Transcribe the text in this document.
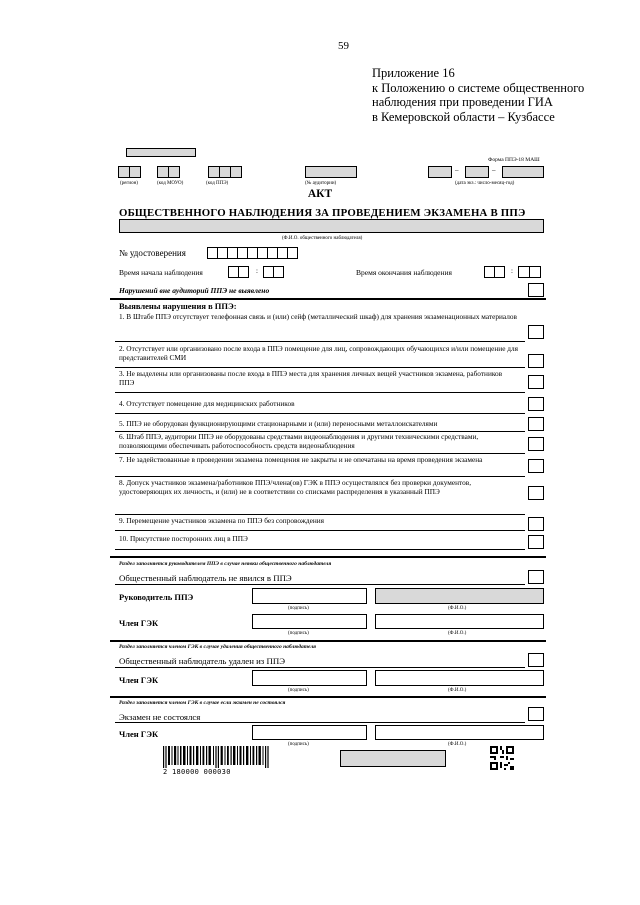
59
Приложение 16
к Положению о системе общественного
наблюдения при проведении ГИА
в Кемеровской области – Кузбассе
Форма ППЭ-18 МАШ
–	–
(регион)	(код МОУО)	(код ППЭ)	(№ аудитории)	(дата экз.: число-месяц-год)
АКТ
ОБЩЕСТВЕННОГО НАБЛЮДЕНИЯ ЗА ПРОВЕДЕНИЕМ ЭКЗАМЕНА В ППЭ
(Ф.И.О. общественного наблюдателя)
№ удостоверения
Время начала наблюдения	:	Время окончания наблюдения	:
Нарушений вне аудиторий ППЭ не выявлено
Выявлены нарушения в ППЭ:
1. В Штабе ППЭ отсутствует телефонная связь и (или) сейф (металлический шкаф) для хранения экзаменационных материалов
2. Отсутствует или организовано после входа в ППЭ помещение для лиц, сопровождающих обучающихся и/или помещение для представителей СМИ
3. Не выделены или организованы после входа в ППЭ места для хранения личных вещей участников экзамена, работников ППЭ
4. Отсутствует помещение для медицинских работников
5. ППЭ не оборудован функционирующими стационарными и (или) переносными металлоискателями
6. Штаб ППЭ, аудитории ППЭ не оборудованы средствами видеонаблюдения и другими техническими средствами, позволяющими обеспечивать работоспособность средств видеонаблюдения
7. Не задействованные в проведении экзамена помещения не закрыты и не опечатаны на время проведения экзамена
8. Допуск участников экзамена/работников ППЭ/члена(ов) ГЭК в ППЭ осуществлялся без проверки документов, удостоверяющих их личность, и (или) не в соответствии со списками распределения в указанный ППЭ
9. Перемещение участников экзамена по ППЭ без сопровождения
10. Присутствие посторонних лиц в ППЭ
Раздел заполняется руководителем ППЭ в случае неявки общественного наблюдателя
Общественный наблюдатель не явился в ППЭ
Руководитель ППЭ
(подпись)	(Ф.И.О.)
Член ГЭК
(подпись)	(Ф.И.О.)
Раздел заполняется членом ГЭК в случае удаления общественного наблюдателя
Общественный наблюдатель удален из ППЭ
Член ГЭК
(подпись)	(Ф.И.О.)
Раздел заполняется членом ГЭК в случае если экзамен не состоялся
Экзамен не состоялся
Член ГЭК
(подпись)	(Ф.И.О.)
2 180000 000030
